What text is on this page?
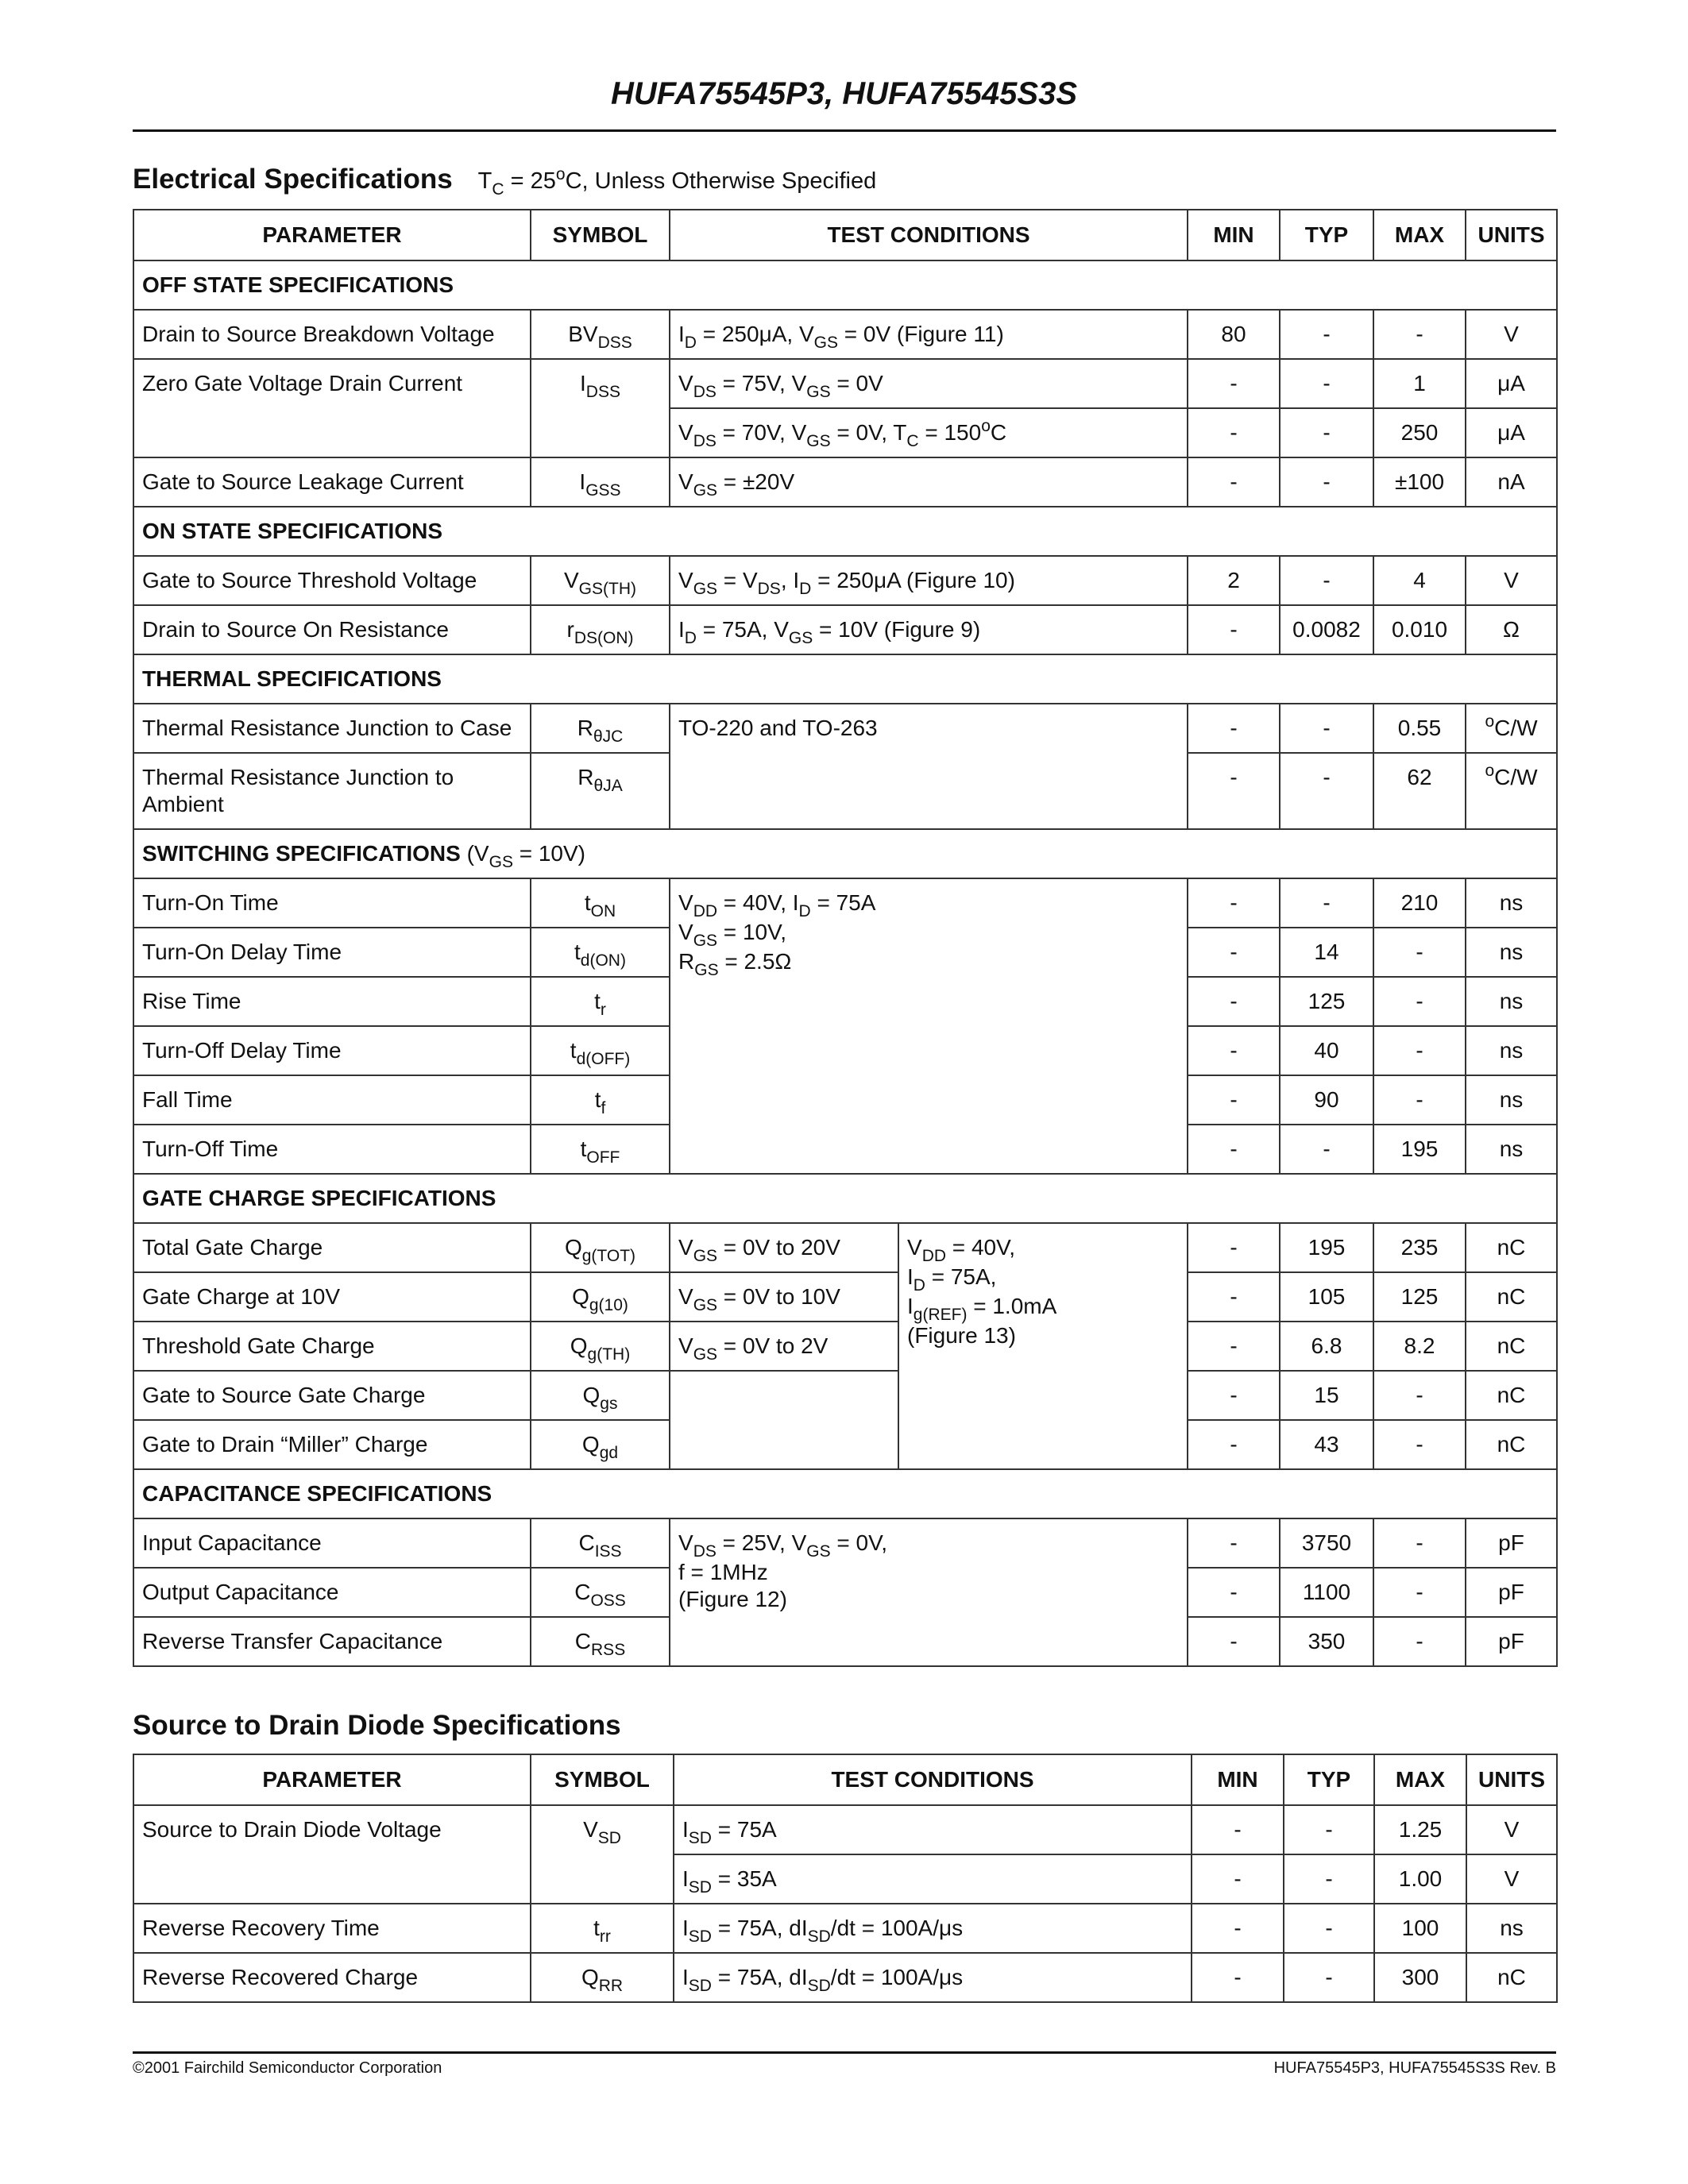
HUFA75545P3, HUFA75545S3S
Electrical Specifications $T_C = 25^oC$, Unless Otherwise Specified
PARAMETER	SYMBOL	TEST CONDITIONS		MIN	TYP	MAX	UNITS
OFF STATE SPECIFICATIONS							
Drain to Source Breakdown Voltage	$BV_{DSS}$	$I_D = 250\mu A$, $V_{GS} = 0V$ (Figure 11)		80	-	-	V
Zero Gate Voltage Drain Current	$I_{DSS}$	$V_{DS} = 75V$, $V_{GS} = 0V$		-	-	1	μA
		$V_{DS} = 70V$, $V_{GS} = 0V$, $T_C = 150^oC$		-	-	250	μA
Gate to Source Leakage Current	$I_{GSS}$	$V_{GS} = \pm 20V$		-	-	±100	nA
ON STATE SPECIFICATIONS							
Gate to Source Threshold Voltage	$V_{GS(TH)}$	$V_{GS} = V_{DS}$, $I_D = 250\mu A$ (Figure 10)		2	-	4	V
Drain to Source On Resistance	$r_{DS(ON)}$	$I_D = 75A$, $V_{GS} = 10V$ (Figure 9)		-	0.0082	0.010	Ω
THERMAL SPECIFICATIONS							
Thermal Resistance Junction to Case	$R_{\theta JC}$	TO-220 and TO-263		-	-	0.55	$^o$C/W
Thermal Resistance Junction to
Ambient	$R_{\theta JA}$			-	-	62	$^o$C/W
SWITCHING SPECIFICATIONS $(V_{GS} = 10V)$							
Turn-On Time	$t_{ON}$	$V_{DD} = 40V$, $I_D = 75A$
$V_{GS} = 10V$,
$R_{GS} = 2.5\Omega$		-	-	210	ns
Turn-On Delay Time	$t_{d(ON)}$			-	14	-	ns
Rise Time	$t_r$			-	125	-	ns
Turn-Off Delay Time	$t_{d(OFF)}$			-	40	-	ns
Fall Time	$t_f$			-	90	-	ns
Turn-Off Time	$t_{OFF}$			-	-	195	ns
GATE CHARGE SPECIFICATIONS							
Total Gate Charge	$Q_{g(TOT)}$	$V_{GS} = 0V$ to 20V	$V_{DD} = 40V$,
$I_D = 75A$,
$I_{g(REF)} = 1.0mA$
(Figure 13)	-	195	235	nC
Gate Charge at 10V	$Q_{g(10)}$	$V_{GS} = 0V$ to 10V		-	105	125	nC
Threshold Gate Charge	$Q_{g(TH)}$	$V_{GS} = 0V$ to 2V		-	6.8	8.2	nC
Gate to Source Gate Charge	$Q_{gs}$			-	15	-	nC
Gate to Drain “Miller” Charge	$Q_{gd}$			-	43	-	nC
CAPACITANCE SPECIFICATIONS							
Input Capacitance	$C_{ISS}$	$V_{DS} = 25V$, $V_{GS} = 0V$,
f = 1MHz
(Figure 12)		-	3750	-	pF
Output Capacitance	$C_{OSS}$			-	1100	-	pF
Reverse Transfer Capacitance	$C_{RSS}$			-	350	-	pF
Source to Drain Diode Specifications
PARAMETER	SYMBOL	TEST CONDITIONS	MIN	TYP	MAX	UNITS
Source to Drain Diode Voltage	$V_{SD}$	$I_{SD} = 75A$	-	-	1.25	V
		$I_{SD} = 35A$	-	-	1.00	V
Reverse Recovery Time	$t_{rr}$	$I_{SD} = 75A$, $dI_{SD}/dt = 100A/\mu s$	-	-	100	ns
Reverse Recovered Charge	$Q_{RR}$	$I_{SD} = 75A$, $dI_{SD}/dt = 100A/\mu s$	-	-	300	nC
©2001 Fairchild Semiconductor Corporation	HUFA75545P3, HUFA75545S3S Rev. B
